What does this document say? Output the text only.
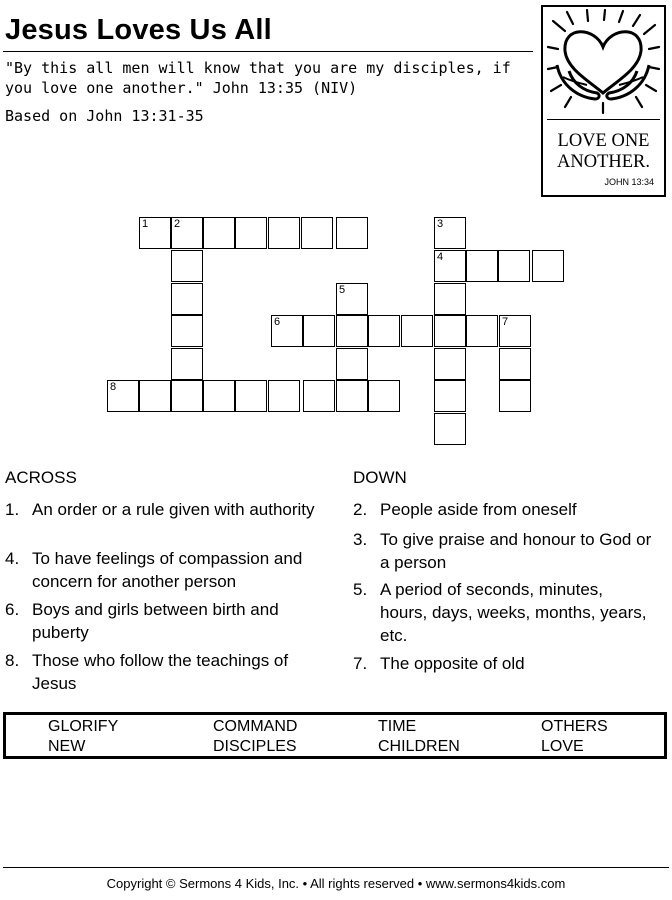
Jesus Loves Us All
"By this all men will know that you are my disciples, if you love one another." John 13:35 (NIV)
Based on John 13:31-35
LOVE ONE
ANOTHER.
JOHN 13:34
1 2	3
4
5
6	7
8
ACROSS	DOWN
1. An order or a rule given with authority
4. To have feelings of compassion and concern for another person
6. Boys and girls between birth and puberty
8. Those who follow the teachings of Jesus
2. People aside from oneself
3. To give praise and honour to God or a person
5. A period of seconds, minutes, hours, days, weeks, months, years, etc.
7. The opposite of old
GLORIFY	COMMAND	TIME	OTHERS
NEW	DISCIPLES	CHILDREN	LOVE
Copyright © Sermons 4 Kids, Inc. • All rights reserved • www.sermons4kids.com
